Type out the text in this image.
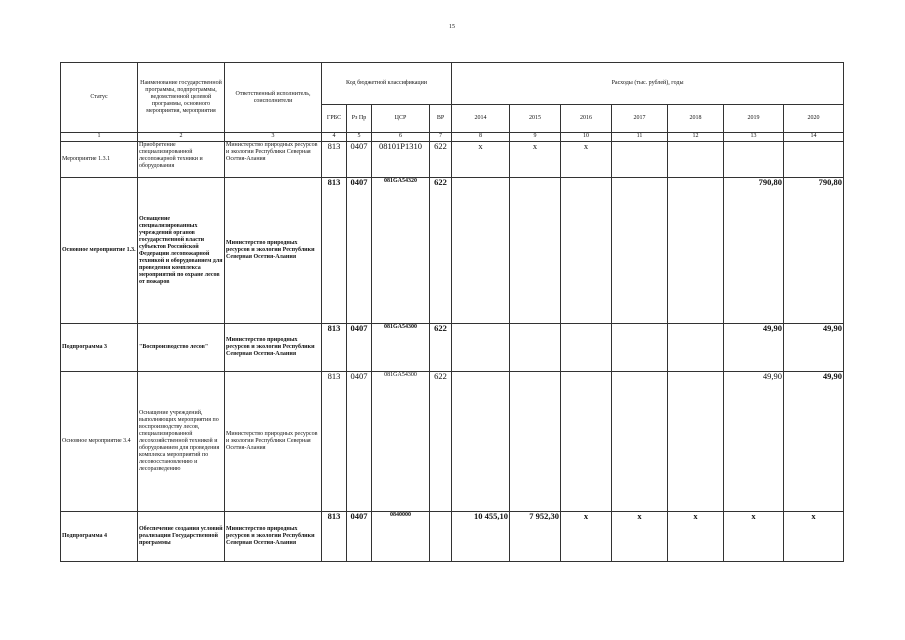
15
Статус	Наименование государственной программы, подпрограммы, ведомственной целевой программы, основного мероприятия, мероприятия	Ответственный исполнитель, соисполнители	Код бюджетной классификации				Расходы (тыс. рублей), годы						
			ГРБС	Рз Пр	ЦСР	ВР	2014	2015	2016	2017	2018	2019	2020
1	2	3	4	5	6	7	8	9	10	11	12	13	14
Мероприятие 1.3.1	Приобретение специализированной лесопожарной техники и оборудования	Министерство природных ресурсов и экологии Республики Северная Осетия-Алания	813	0407	08101P1310	622	x	x	x				
Основное мероприятие 1.3.	Оснащение специализированных учреждений органов государственной власти субъектов Российской Федерации лесопожарной техникой и оборудованием для проведения комплекса мероприятий по охране лесов от пожаров	Министерство природных ресурсов и экологии Республики Северная Осетия-Алания	813	0407	081GA54320	622						790,80	790,80
Подпрограмма 3	"Воспроизводство лесов"	Министерство природных ресурсов и экологии Республики Северная Осетия-Алания	813	0407	081GA54300	622						49,90	49,90
Основное мероприятие 3.4	Оснащение учреждений, выполняющих мероприятия по воспроизводству лесов, специализированной лесохозяйственной техникой и оборудованием для проведения комплекса мероприятий по лесовосстановлению и лесоразведению	Министерство природных ресурсов и экологии Республики Северная Осетия-Алания	813	0407	081GA54300	622						49,90	49,90
Подпрограмма 4	Обеспечение создания условий реализации Государственной программы	Министерство природных ресурсов и экологии Республики Северная Осетия-Алания	813	0407	0840000		10 455,10	7 952,30	x	x	x	x	x
